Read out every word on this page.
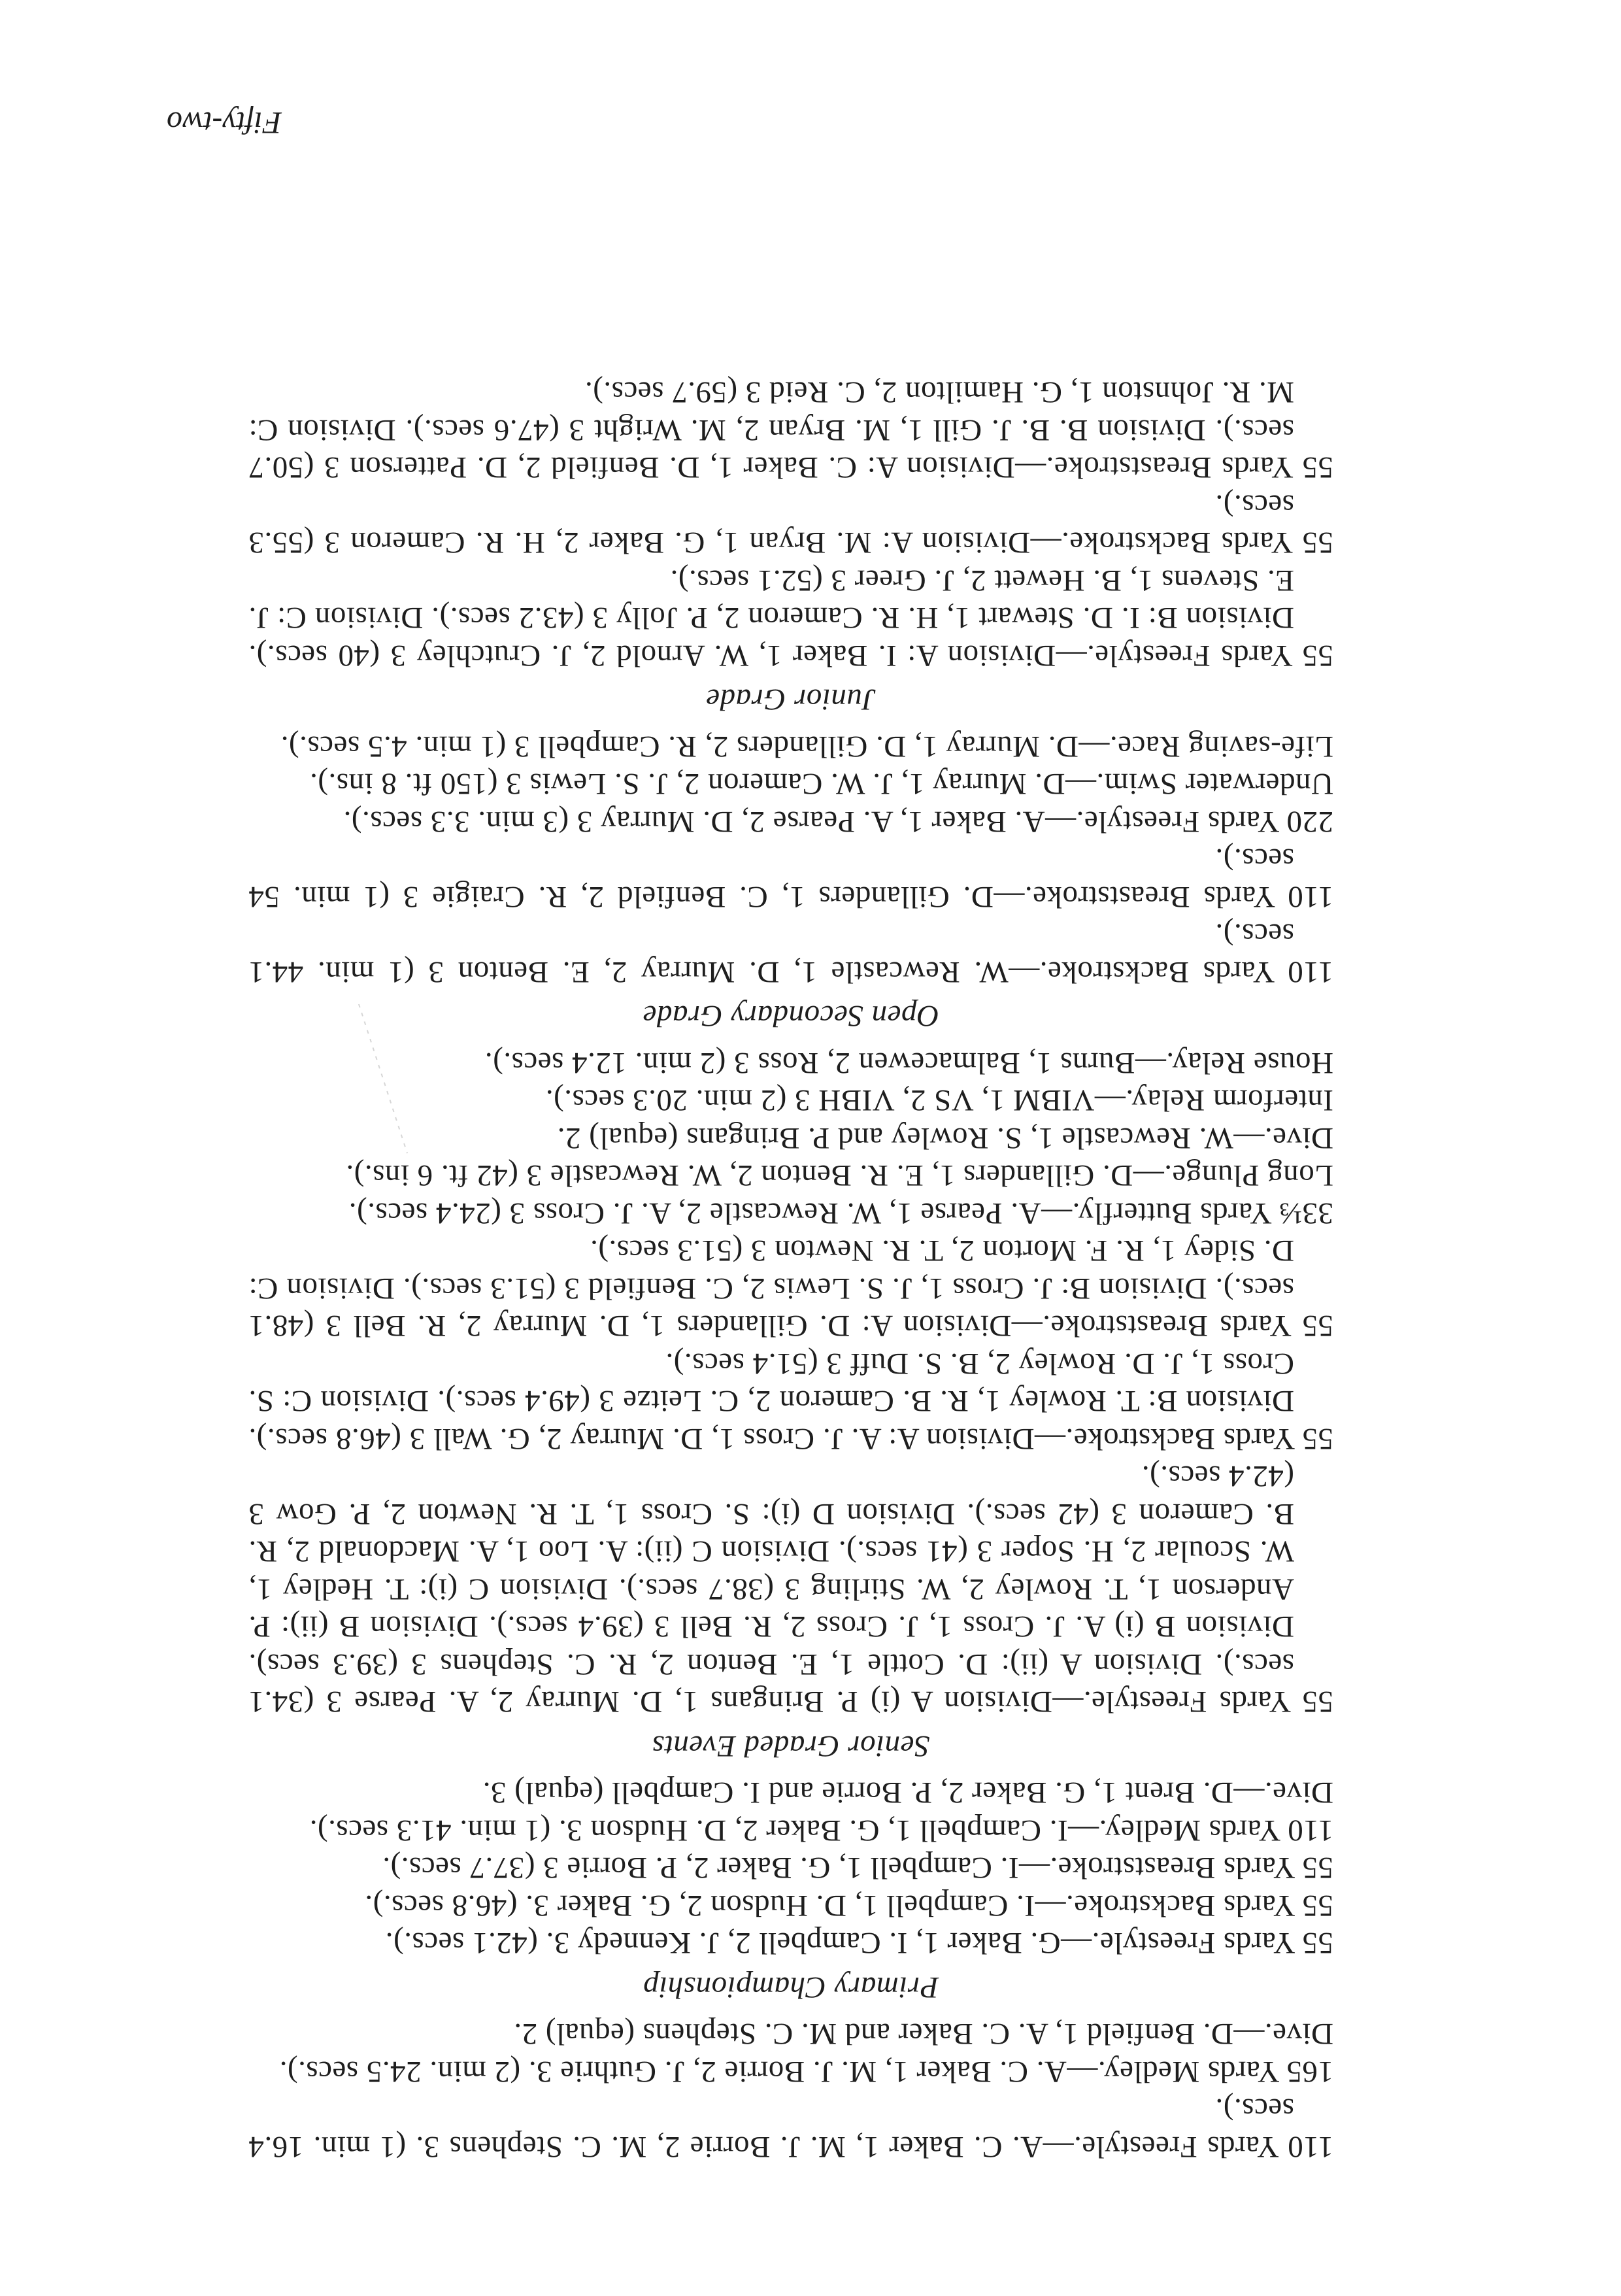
110 Yards Freestyle.—A. C. Baker 1, M. J. Borrie 2, M. C. Stephens 3. (1 min. 16.4 secs.).

165 Yards Medley.—A. C. Baker 1, M. J. Borrie 2, J. Guthrie 3. (2 min. 24.5 secs.).

Dive.—D. Benfield 1, A. C. Baker and M. C. Stephens (equal) 2.

Primary Championship

55 Yards Freestyle.—G. Baker 1, I. Campbell 2, J. Kennedy 3. (42.1 secs.).

55 Yards Backstroke.—I. Campbell 1, D. Hudson 2, G. Baker 3. (46.8 secs.).

55 Yards Breaststroke.—I. Campbell 1, G. Baker 2, P. Borrie 3 (37.7 secs.).

110 Yards Medley.—I. Campbell 1, G. Baker 2, D. Hudson 3. (1 min. 41.3 secs.).

Dive.—D. Brent 1, G. Baker 2, P. Borrie and I. Campbell (equal) 3.

Senior Graded Events

55 Yards Freestyle.—Division A (i) P. Bringans 1, D. Murray 2, A. Pearse 3 (34.1 secs.). Division A (ii): D. Cottle 1, E. Benton 2, R. C. Stephens 3 (39.3 secs). Division B (i) A. J. Cross 1, J. Cross 2, R. Bell 3 (39.4 secs.). Division B (ii): P. Anderson 1, T. Rowley 2, W. Stirling 3 (38.7 secs.). Division C (i): T. Hedley 1, W. Scoular 2, H. Soper 3 (41 secs.). Division C (ii): A. Loo 1, A. Macdonald 2, R. B. Cameron 3 (42 secs.). Division D (i): S. Cross 1, T. R. Newton 2, P. Gow 3 (42.4 secs.).

55 Yards Backstroke.—Division A: A. J. Cross 1, D. Murray 2, G. Wall 3 (46.8 secs.). Division B: T. Rowley 1, R. B. Cameron 2, C. Leitze 3 (49.4 secs.). Division C: S. Cross 1, J. D. Rowley 2, B. S. Duff 3 (51.4 secs.).

55 Yards Breaststroke.—Division A: D. Gillanders 1, D. Murray 2, R. Bell 3 (48.1 secs.). Division B: J. Cross 1, J. S. Lewis 2, C. Benfield 3 (51.3 secs.). Division C: D. Sidey 1, R. F. Morton 2, T. R. Newton 3 (51.3 secs.).

33⅓ Yards Butterfly.—A. Pearse 1, W. Rewcastle 2, A. J. Cross 3 (24.4 secs.).

Long Plunge.—D. Gillanders 1, E. R. Benton 2, W. Rewcastle 3 (42 ft. 6 ins.).

Dive.—W. Rewcastle 1, S. Rowley and P. Bringans (equal) 2.

Interform Relay.—VIBM 1, VS 2, VIBH 3 (2 min. 20.3 secs.).

House Relay.—Burns 1, Balmacewen 2, Ross 3 (2 min. 12.4 secs.).

Open Secondary Grade

110 Yards Backstroke.—W. Rewcastle 1, D. Murray 2, E. Benton 3 (1 min. 44.1 secs.).

110 Yards Breaststroke.—D. Gillanders 1, C. Benfield 2, R. Craigie 3 (1 min. 54 secs.).

220 Yards Freestyle.—A. Baker 1, A. Pearse 2, D. Murray 3 (3 min. 3.3 secs.).

Underwater Swim.—D. Murray 1, J. W. Cameron 2, J. S. Lewis 3 (150 ft. 8 ins.).

Life-saving Race.—D. Murray 1, D. Gillanders 2, R. Campbell 3 (1 min. 4.5 secs.).

Junior Grade

55 Yards Freestyle.—Division A: I. Baker 1, W. Arnold 2, J. Crutchley 3 (40 secs.). Division B: I. D. Stewart 1, H. R. Cameron 2, P. Jolly 3 (43.2 secs.). Division C: J. E. Stevens 1, B. Hewett 2, J. Greer 3 (52.1 secs.).

55 Yards Backstroke.—Division A: M. Bryan 1, G. Baker 2, H. R. Cameron 3 (55.3 secs.).

55 Yards Breaststroke.—Division A: C. Baker 1, D. Benfield 2, D. Patterson 3 (50.7 secs.). Division B. B. J. Gill 1, M. Bryan 2, M. Wright 3 (47.6 secs.). Division C: M. R. Johnston 1, G. Hamilton 2, C. Reid 3 (59.7 secs.).

Fifty-two
